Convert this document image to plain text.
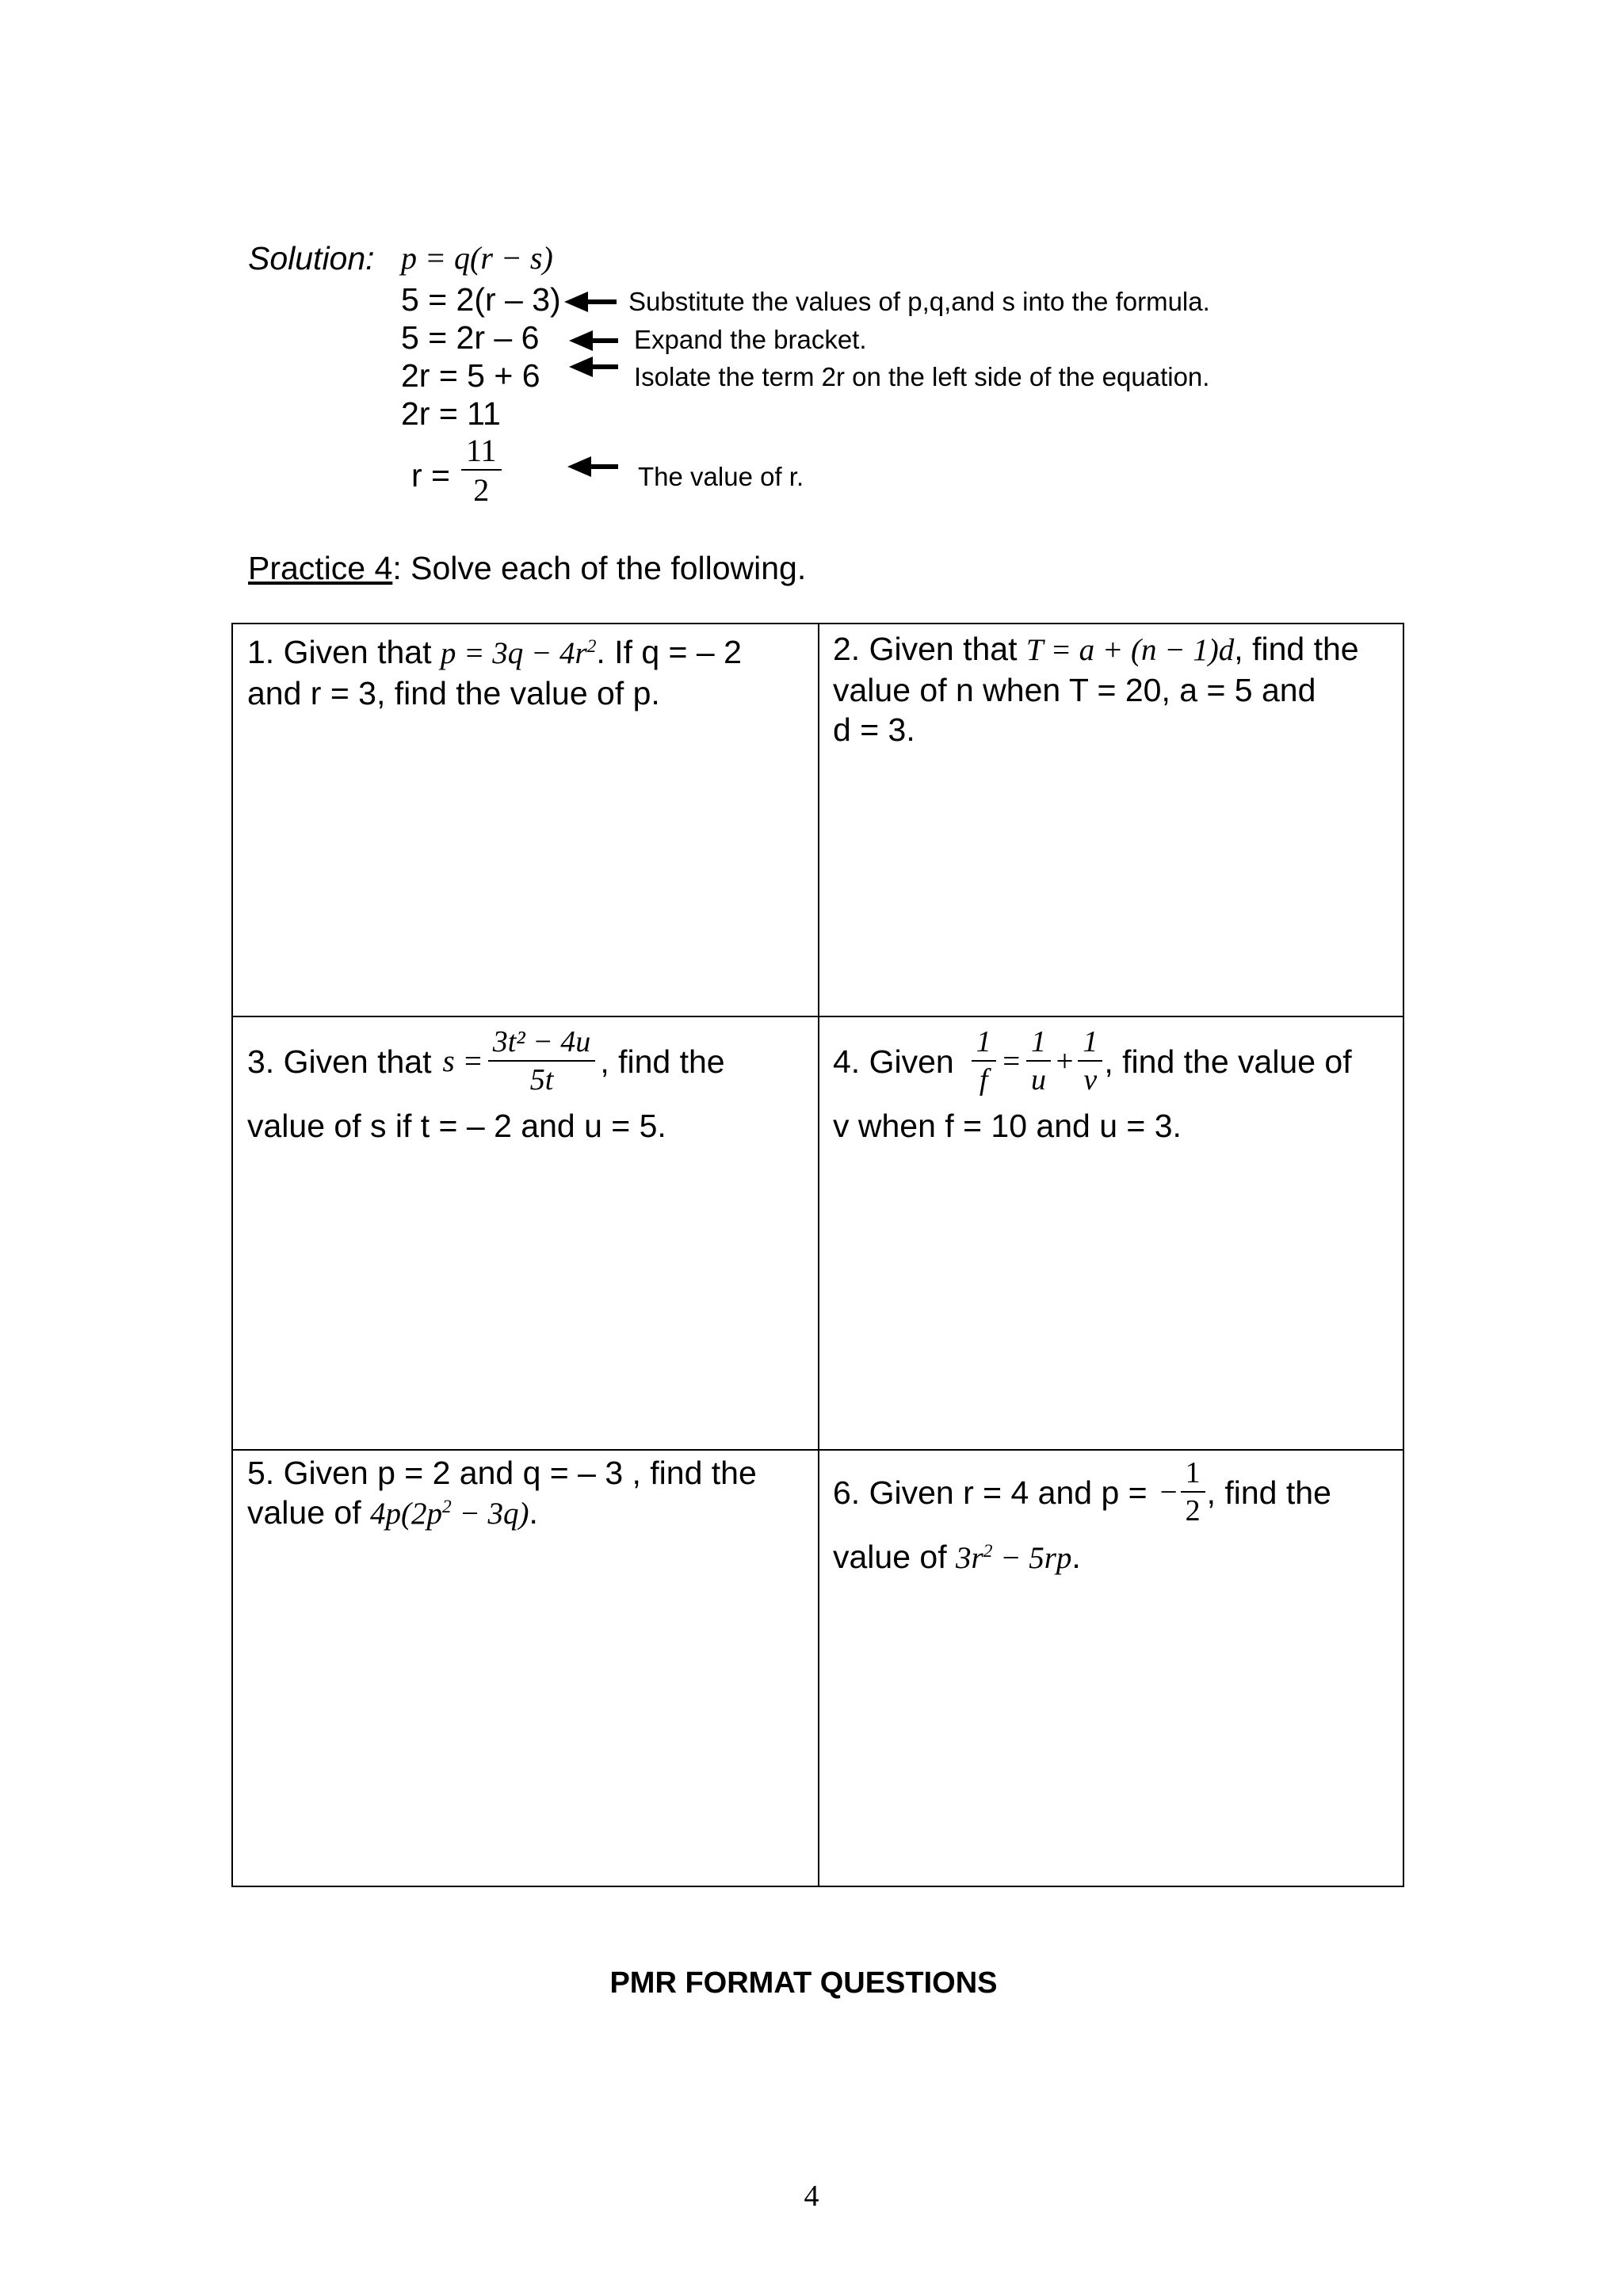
Solution: p = q(r − s)
5 = 2(r – 3)
5 = 2r – 6
2r = 5 + 6
2r = 11
Substitute the values of p,q,and s into the formula.
Expand the bracket.
Isolate the term 2r on the left side of the equation.
$r = \frac{11}{2}$	The value of r.
Practice 4: Solve each of the following.
1. Given that $p = 3q - 4r^2$. If q = – 2
and r = 3, find the value of p.
2. Given that T = a + (n − 1)d, find the
value of n when T = 20, a = 5 and
d = 3.
3. Given that $s = \frac{\text{3t² − 4u}}{5t}$ , find the
value of s if t = – 2 and u = 5.
4. Given $\frac{1}{f} = \frac{1}{u} + \frac{1}{v}$ , find the value of
v when f = 10 and u = 3.
5. Given p = 2 and q = – 3 , find the
value of $4p(2p^2 - 3q)$.
6. Given r = 4 and p = − $\frac{1}{2}$ , find the
value of $3r^2 - 5rp$.
PMR FORMAT QUESTIONS
4
